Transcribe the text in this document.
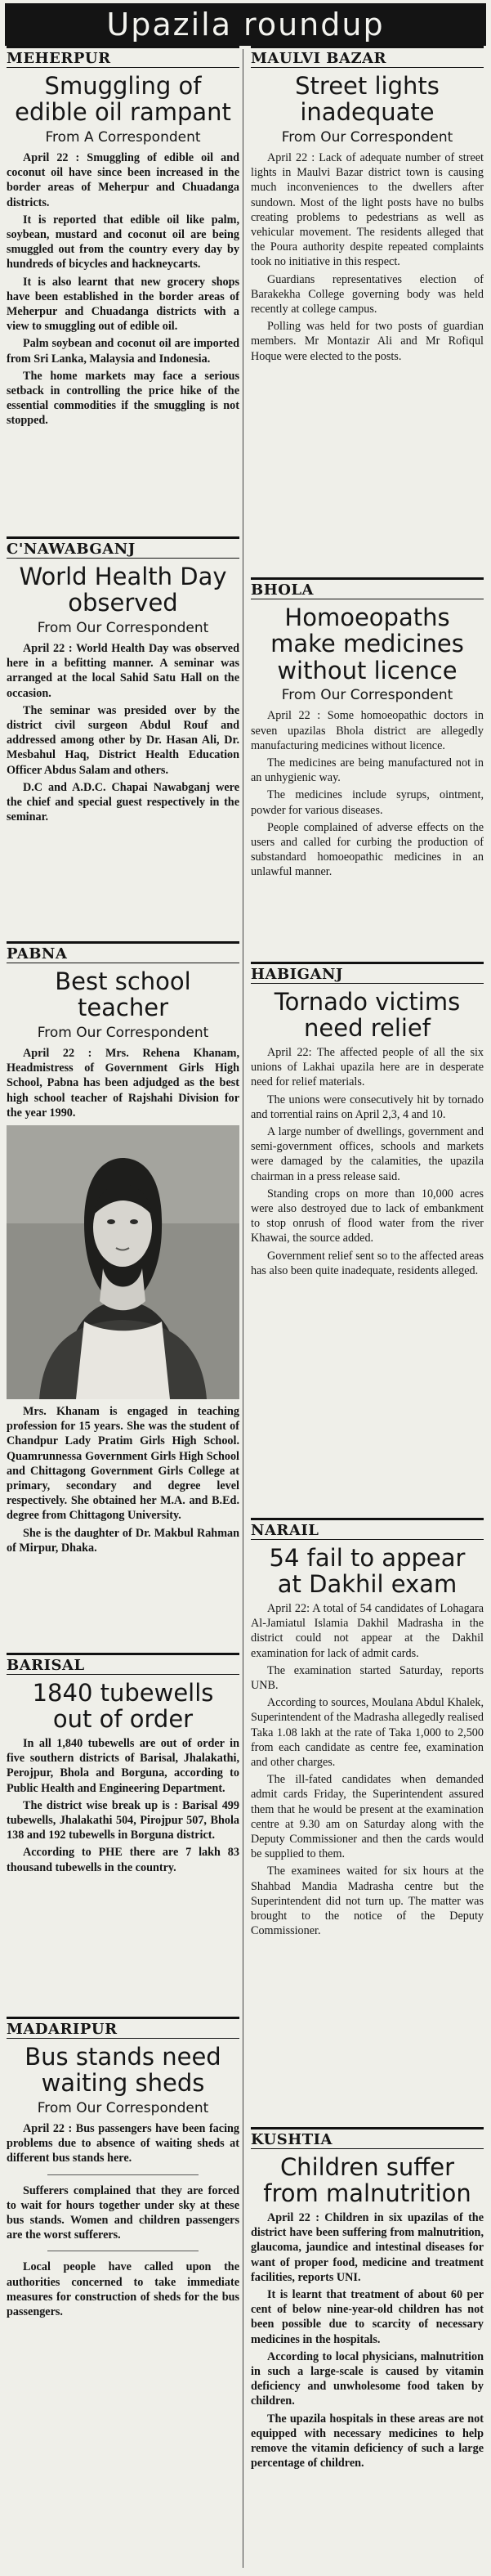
Upazila roundup
MEHERPUR
Smuggling of edible oil rampant
From A Correspondent

April 22 : Smuggling of edible oil and coconut oil have since been increased in the border areas of Meherpur and Chuadanga districts.

It is reported that edible oil like palm, soybean, mustard and coconut oil are being smuggled out from the country every day by hundreds of bicycles and hackneycarts.

It is also learnt that new grocery shops have been established in the border areas of Meherpur and Chuadanga districts with a view to smuggling out of edible oil.

Palm soybean and coconut oil are imported from Sri Lanka, Malaysia and Indonesia.

The home markets may face a serious setback in controlling the price hike of the essential commodities if the smuggling is not stopped.

C'NAWABGANJ
World Health Day observed
From Our Correspondent

April 22 : World Health Day was observed here in a befitting manner. A seminar was arranged at the local Sahid Satu Hall on the occasion.

The seminar was presided over by the district civil surgeon Abdul Rouf and addressed among other by Dr. Hasan Ali, Dr. Mesbahul Haq, District Health Education Officer Abdus Salam and others.

D.C and A.D.C. Chapai Nawabganj were the chief and special guest respectively in the seminar.

PABNA
Best school teacher
From Our Correspondent

April 22 : Mrs. Rehena Khanam, Headmistress of Government Girls High School, Pabna has been adjudged as the best high school teacher of Rajshahi Division for the year 1990.

Mrs. Khanam is engaged in teaching profession for 15 years. She was the student of Chandpur Lady Pratim Girls High School. Quamrunnessa Government Girls High School and Chittagong Government Girls College at primary, secondary and degree level respectively. She obtained her M.A. and B.Ed. degree from Chittagong University.

She is the daughter of Dr. Makbul Rahman of Mirpur, Dhaka.

BARISAL
1840 tubewells out of order

In all 1,840 tubewells are out of order in five southern districts of Barisal, Jhalakathi, Perojpur, Bhola and Borguna, according to Public Health and Engineering Department.

The district wise break up is : Barisal 499 tubewells, Jhalakathi 504, Pirojpur 507, Bhola 138 and 192 tubewells in Borguna district.

According to PHE there are 7 lakh 83 thousand tubewells in the country.

MADARIPUR
Bus stands need waiting sheds
From Our Correspondent

April 22 : Bus passengers have been facing problems due to absence of waiting sheds at different bus stands here.

Sufferers complained that they are forced to wait for hours together under sky at these bus stands. Women and children passengers are the worst sufferers.

Local people have called upon the authorities concerned to take immediate measures for construction of sheds for the bus passengers.

MAULVI BAZAR
Street lights inadequate
From Our Correspondent

April 22 : Lack of adequate number of street lights in Maulvi Bazar district town is causing much inconveniences to the dwellers after sundown. Most of the light posts have no bulbs creating problems to pedestrians as well as vehicular movement. The residents alleged that the Poura authority despite repeated complaints took no initiative in this respect.

Guardians representatives election of Barakekha College governing body was held recently at college campus.

Polling was held for two posts of guardian members. Mr Montazir Ali and Mr Rofiqul Hoque were elected to the posts.

BHOLA
Homoeopaths make medicines without licence
From Our Correspondent

April 22 : Some homoeopathic doctors in seven upazilas Bhola district are allegedly manufacturing medicines without licence.

The medicines are being manufactured not in an unhygienic way.

The medicines include syrups, ointment, powder for various diseases.

People complained of adverse effects on the users and called for curbing the production of substandard homoeopathic medicines in an unlawful manner.

HABIGANJ
Tornado victims need relief

April 22: The affected people of all the six unions of Lakhai upazila here are in desperate need for relief materials.

The unions were consecutively hit by tornado and torrential rains on April 2,3, 4 and 10.

A large number of dwellings, government and semi-government offices, schools and markets were damaged by the calamities, the upazila chairman in a press release said.

Standing crops on more than 10,000 acres were also destroyed due to lack of embankment to stop onrush of flood water from the river Khawai, the source added.

Government relief sent so to the affected areas has also been quite inadequate, residents alleged.

NARAIL
54 fail to appear at Dakhil exam

April 22: A total of 54 candidates of Lohagara Al-Jamiatul Islamia Dakhil Madrasha in the district could not appear at the Dakhil examination for lack of admit cards.

The examination started Saturday, reports UNB.

According to sources, Moulana Abdul Khalek, Superintendent of the Madrasha allegedly realised Taka 1.08 lakh at the rate of Taka 1,000 to 2,500 from each candidate as centre fee, examination and other charges.

The ill-fated candidates when demanded admit cards Friday, the Superintendent assured them that he would be present at the examination centre at 9.30 am on Saturday along with the Deputy Commissioner and then the cards would be supplied to them.

The examinees waited for six hours at the Shahbad Mandia Madrasha centre but the Superintendent did not turn up. The matter was brought to the notice of the Deputy Commissioner.

KUSHTIA
Children suffer from malnutrition

April 22 : Children in six upazilas of the district have been suffering from malnutrition, glaucoma, jaundice and intestinal diseases for want of proper food, medicine and treatment facilities, reports UNI.

It is learnt that treatment of about 60 per cent of below nine-year-old children has not been possible due to scarcity of necessary medicines in the hospitals.

According to local physicians, malnutrition in such a large-scale is caused by vitamin deficiency and unwholesome food taken by children.

The upazila hospitals in these areas are not equipped with necessary medicines to help remove the vitamin deficiency of such a large percentage of children.
